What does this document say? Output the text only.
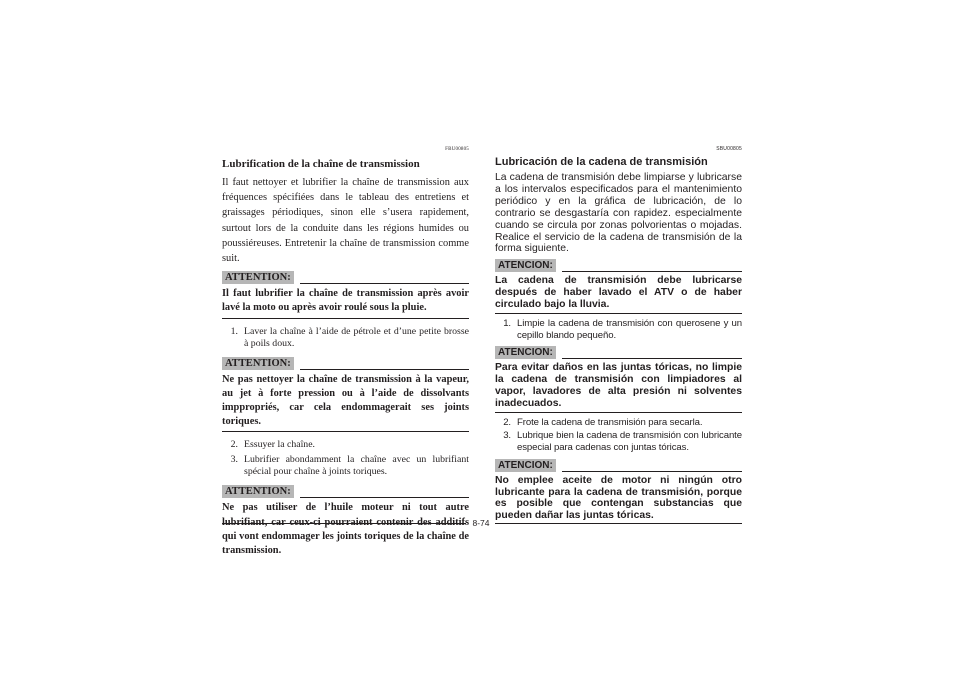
FBU00805
Lubrification de la chaîne de transmission

Il faut nettoyer et lubrifier la chaîne de transmission aux fréquences spécifiées dans le tableau des entretiens et graissages périodiques, sinon elle s’usera rapidement, surtout lors de la conduite dans les régions humides ou poussiéreuses. Entretenir la chaîne de transmission comme suit.

ATTENTION:

Il faut lubrifier la chaîne de transmission après avoir lavé la moto ou après avoir roulé sous la pluie.

1. Laver la chaîne à l’aide de pétrole et d’une petite brosse à poils doux.
ATTENTION:

Ne pas nettoyer la chaîne de transmission à la vapeur, au jet à forte pression ou à l’aide de dissolvants imppropriés, car cela endommagerait ses joints toriques.

2. Essuyer la chaîne.
3. Lubrifier abondamment la chaîne avec un lubrifiant spécial pour chaîne à joints toriques.
ATTENTION:

Ne pas utiliser de l’huile moteur ni tout autre lubrifiant, car ceux-ci pourraient contenir des additifs qui vont endommager les joints toriques de la chaîne de transmission.

SBU00805
Lubricación de la cadena de transmisión

La cadena de transmisión debe limpiarse y lubricarse a los intervalos especificados para el mantenimiento periódico y en la gráfica de lubricación, de lo contrario se desgastaría con rapidez. especialmente cuando se circula por zonas polvorientas o mojadas. Realice el servicio de la cadena de transmisión de la forma siguiente.

ATENCION:

La cadena de transmisión debe lubricarse después de haber lavado el ATV o de haber circulado bajo la lluvia.

1. Limpie la cadena de transmisión con querosene y un cepillo blando pequeño.
ATENCION:

Para evitar daños en las juntas tóricas, no limpie la cadena de transmisión con limpiadores al vapor, lavadores de alta presión ni solventes inadecuados.

2. Frote la cadena de transmisión para secarla.
3. Lubrique bien la cadena de transmisión con lubricante especial para cadenas con juntas tóricas.
ATENCION:

No emplee aceite de motor ni ningún otro lubricante para la cadena de transmisión, porque es posible que contengan substancias que pueden dañar las juntas tóricas.

8-74
